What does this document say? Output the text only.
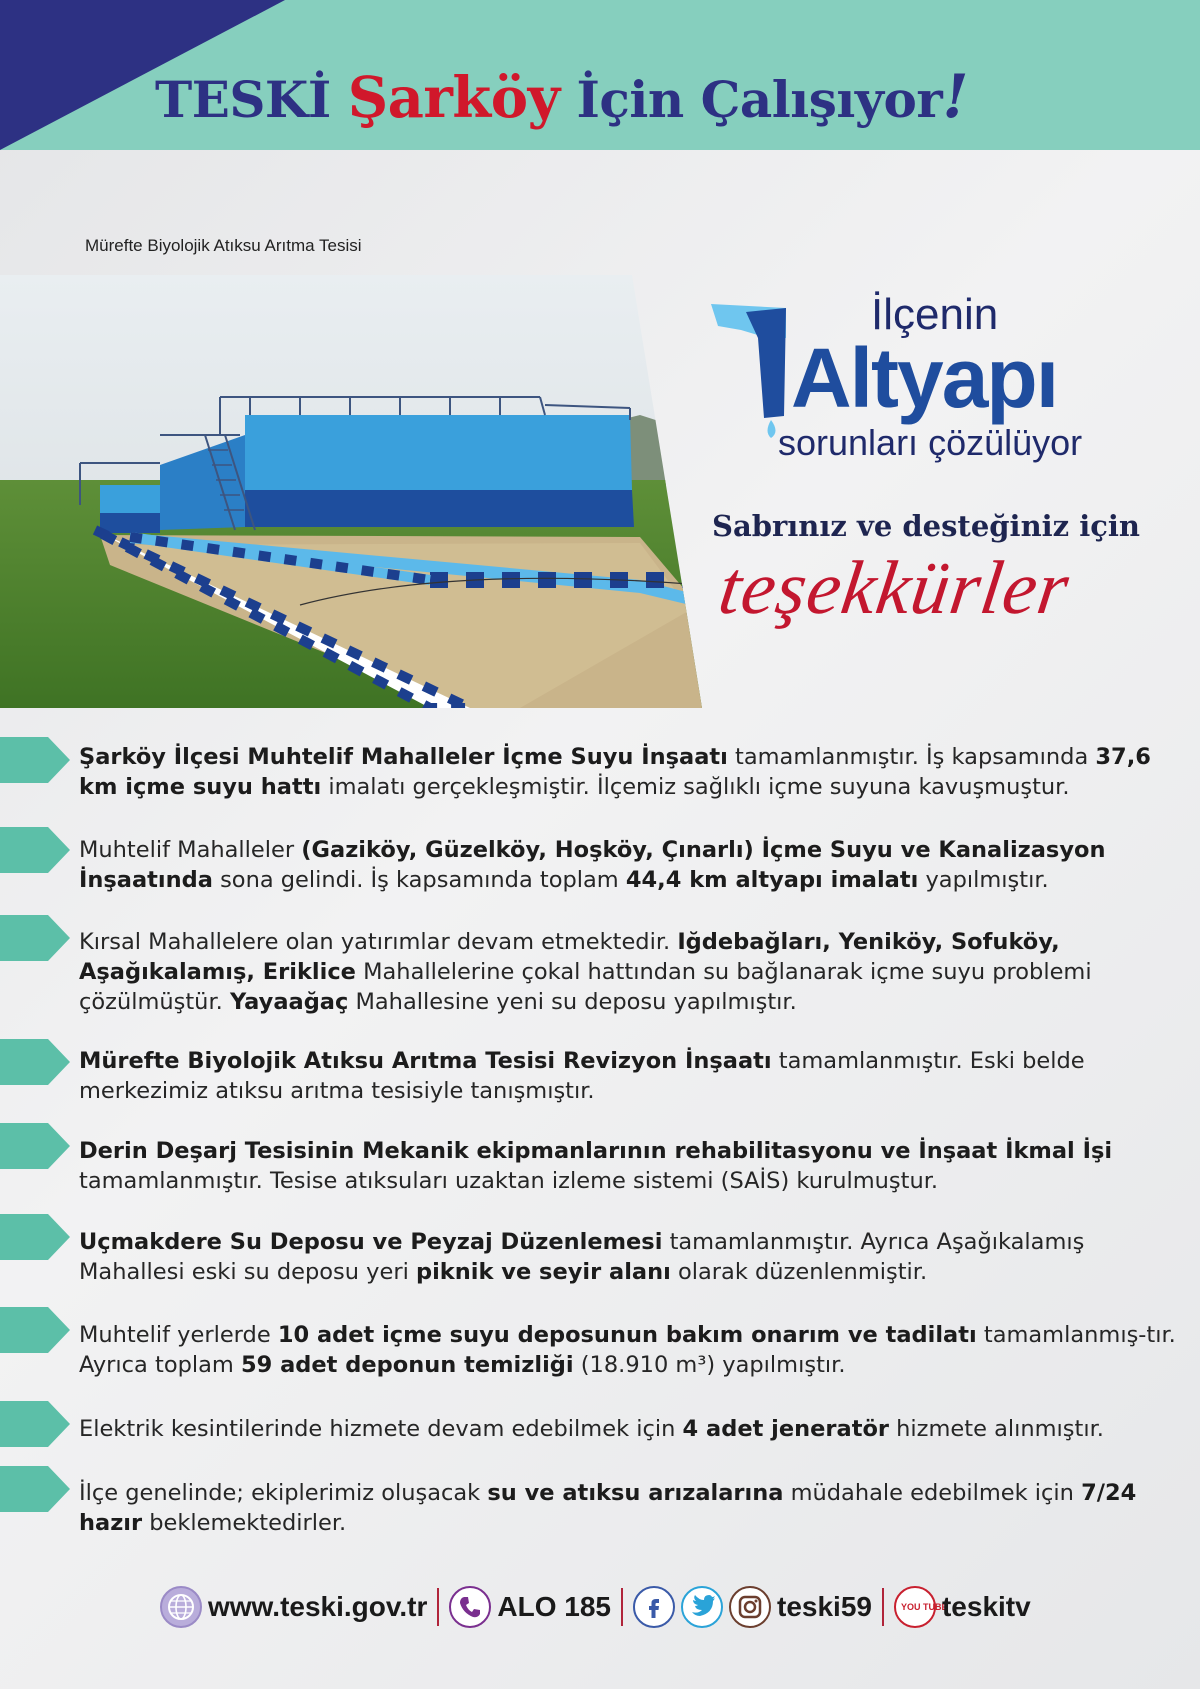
TESKİ Şarköy İçin Çalışıyor!
Mürefte Biyolojik Atıksu Arıtma Tesisi
İlçenin
Altyapı
sorunları çözülüyor
Sabrınız ve desteğiniz için
teşekkürler

Şarköy İlçesi Muhtelif Mahalleler İçme Suyu İnşaatı tamamlanmıştır. İş kapsamında 37,6 km içme suyu hattı imalatı gerçekleşmiştir. İlçemiz sağlıklı içme suyuna kavuşmuştur.

Muhtelif Mahalleler (Gaziköy, Güzelköy, Hoşköy, Çınarlı) İçme Suyu ve Kanalizasyon İnşaatında sona gelindi. İş kapsamında toplam 44,4 km altyapı imalatı yapılmıştır.

Kırsal Mahallelere olan yatırımlar devam etmektedir. Iğdebağları, Yeniköy, Sofuköy, Aşağıkalamış, Eriklice Mahallelerine çokal hattından su bağlanarak içme suyu problemi çözülmüştür. Yayaağaç Mahallesine yeni su deposu yapılmıştır.

Mürefte Biyolojik Atıksu Arıtma Tesisi Revizyon İnşaatı tamamlanmıştır. Eski belde merkezimiz atıksu arıtma tesisiyle tanışmıştır.

Derin Deşarj Tesisinin Mekanik ekipmanlarının rehabilitasyonu ve İnşaat İkmal İşi tamamlanmıştır. Tesise atıksuları uzaktan izleme sistemi (SAİS) kurulmuştur.

Uçmakdere Su Deposu ve Peyzaj Düzenlemesi tamamlanmıştır. Ayrıca Aşağıkalamış Mahallesi eski su deposu yeri piknik ve seyir alanı olarak düzenlenmiştir.

Muhtelif yerlerde 10 adet içme suyu deposunun bakım onarım ve tadilatı tamamlanmış-tır. Ayrıca toplam 59 adet deponun temizliği (18.910 m³) yapılmıştır.

Elektrik kesintilerinde hizmete devam edebilmek için 4 adet jeneratör hizmete alınmıştır.

İlçe genelinde; ekiplerimiz oluşacak su ve atıksu arızalarına müdahale edebilmek için 7/24 hazır beklemektedirler.

www.teski.gov.tr	ALO 185	teski59	YOU TUBE
teskitv
